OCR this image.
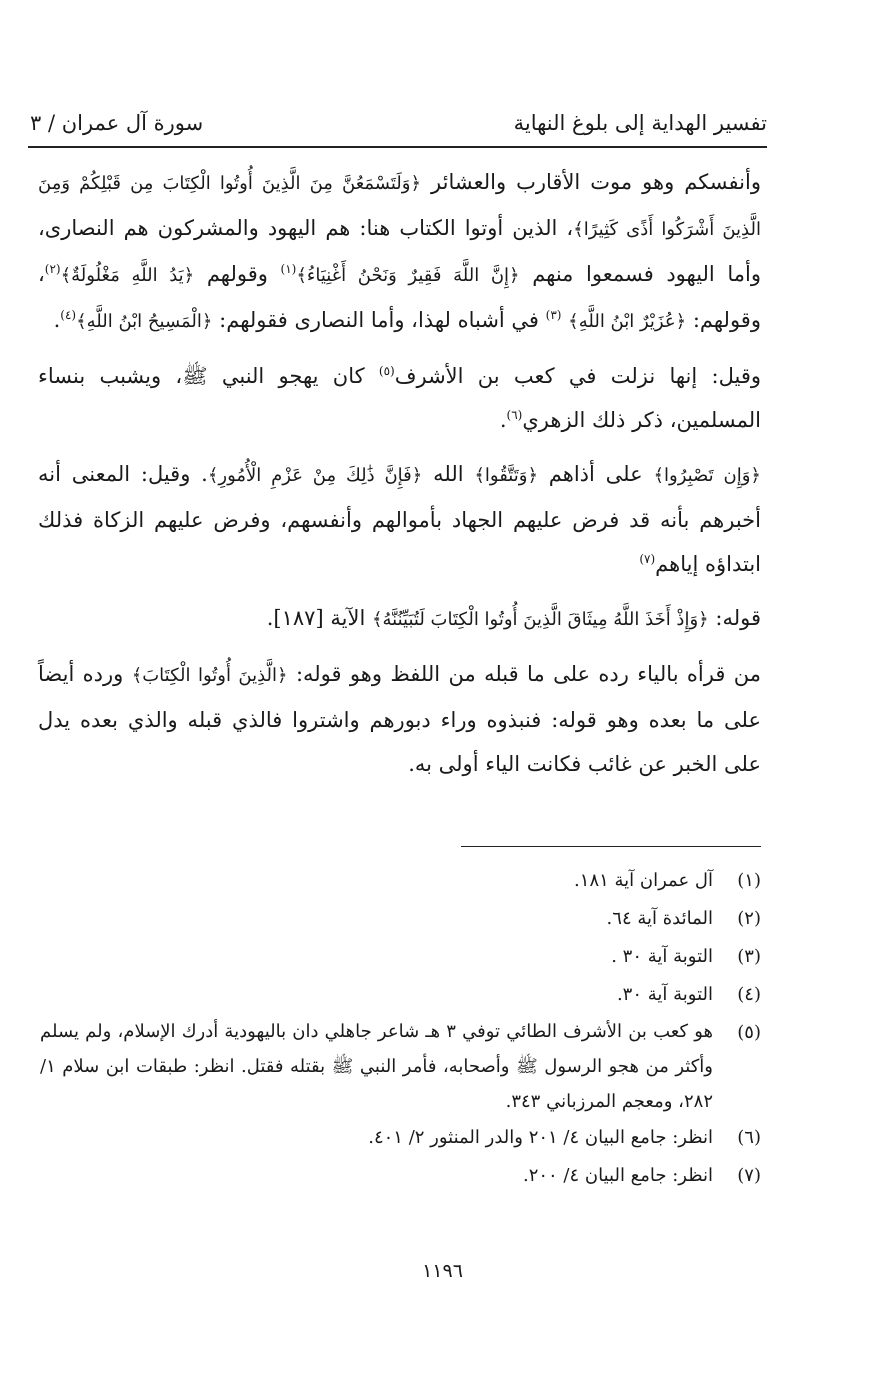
تفسير الهداية إلى بلوغ النهاية
سورة آل عمران / ٣

وأنفسكم وهو موت الأقارب والعشائر ﴿وَلَتَسْمَعُنَّ مِنَ الَّذِينَ أُوتُوا الْكِتَابَ مِن قَبْلِكُمْ وَمِنَ الَّذِينَ أَشْرَكُوا أَذًى كَثِيرًا﴾، الذين أوتوا الكتاب هنا: هم اليهود والمشركون هم النصارى، وأما اليهود فسمعوا منهم ﴿إِنَّ اللَّهَ فَقِيرٌ وَنَحْنُ أَغْنِيَاءُ﴾$^{(١)}$ وقولهم ﴿يَدُ اللَّهِ مَغْلُولَةٌ﴾$^{(٢)}$، وقولهم: ﴿عُزَيْرٌ ابْنُ اللَّهِ﴾ $^{(٣)}$ في أشباه لهذا، وأما النصارى فقولهم: ﴿الْمَسِيحُ ابْنُ اللَّهِ﴾$^{(٤)}$.

وقيل: إنها نزلت في كعب بن الأشرف$^{(٥)}$ كان يهجو النبي ﷺ، ويشبب بنساء المسلمين، ذكر ذلك الزهري$^{(٦)}$.

﴿وَإِن تَصْبِرُوا﴾ على أذاهم ﴿وَتَتَّقُوا﴾ الله ﴿فَإِنَّ ذَٰلِكَ مِنْ عَزْمِ الْأُمُورِ﴾. وقيل: المعنى أنه أخبرهم بأنه قد فرض عليهم الجهاد بأموالهم وأنفسهم، وفرض عليهم الزكاة فذلك ابتداؤه إياهم$^{(٧)}$

قوله: ﴿وَإِذْ أَخَذَ اللَّهُ مِيثَاقَ الَّذِينَ أُوتُوا الْكِتَابَ لَتُبَيِّنُنَّهُ﴾ الآية [١٨٧].

من قرأه بالياء رده على ما قبله من اللفظ وهو قوله: ﴿الَّذِينَ أُوتُوا الْكِتَابَ﴾ ورده أيضاً على ما بعده وهو قوله: فنبذوه وراء دبورهم واشتروا فالذي قبله والذي بعده يدل على الخبر عن غائب فكانت الياء أولى به.

(١)
آل عمران آية ١٨١.
(٢)
المائدة آية ٦٤.
(٣)
التوبة آية ٣٠ .
(٤)
التوبة آية ٣٠.
(٥)
هو كعب بن الأشرف الطائي توفي ٣ هـ شاعر جاهلي دان باليهودية أدرك الإسلام، ولم يسلم وأكثر من هجو الرسول ﷺ وأصحابه، فأمر النبي ﷺ بقتله فقتل. انظر: طبقات ابن سلام ١/ ٢٨٢، ومعجم المرزباني ٣٤٣.
(٦)
انظر: جامع البيان ٤/ ٢٠١ والدر المنثور ٢/ ٤٠١.
(٧)
انظر: جامع البيان ٤/ ٢٠٠.
١١٩٦
